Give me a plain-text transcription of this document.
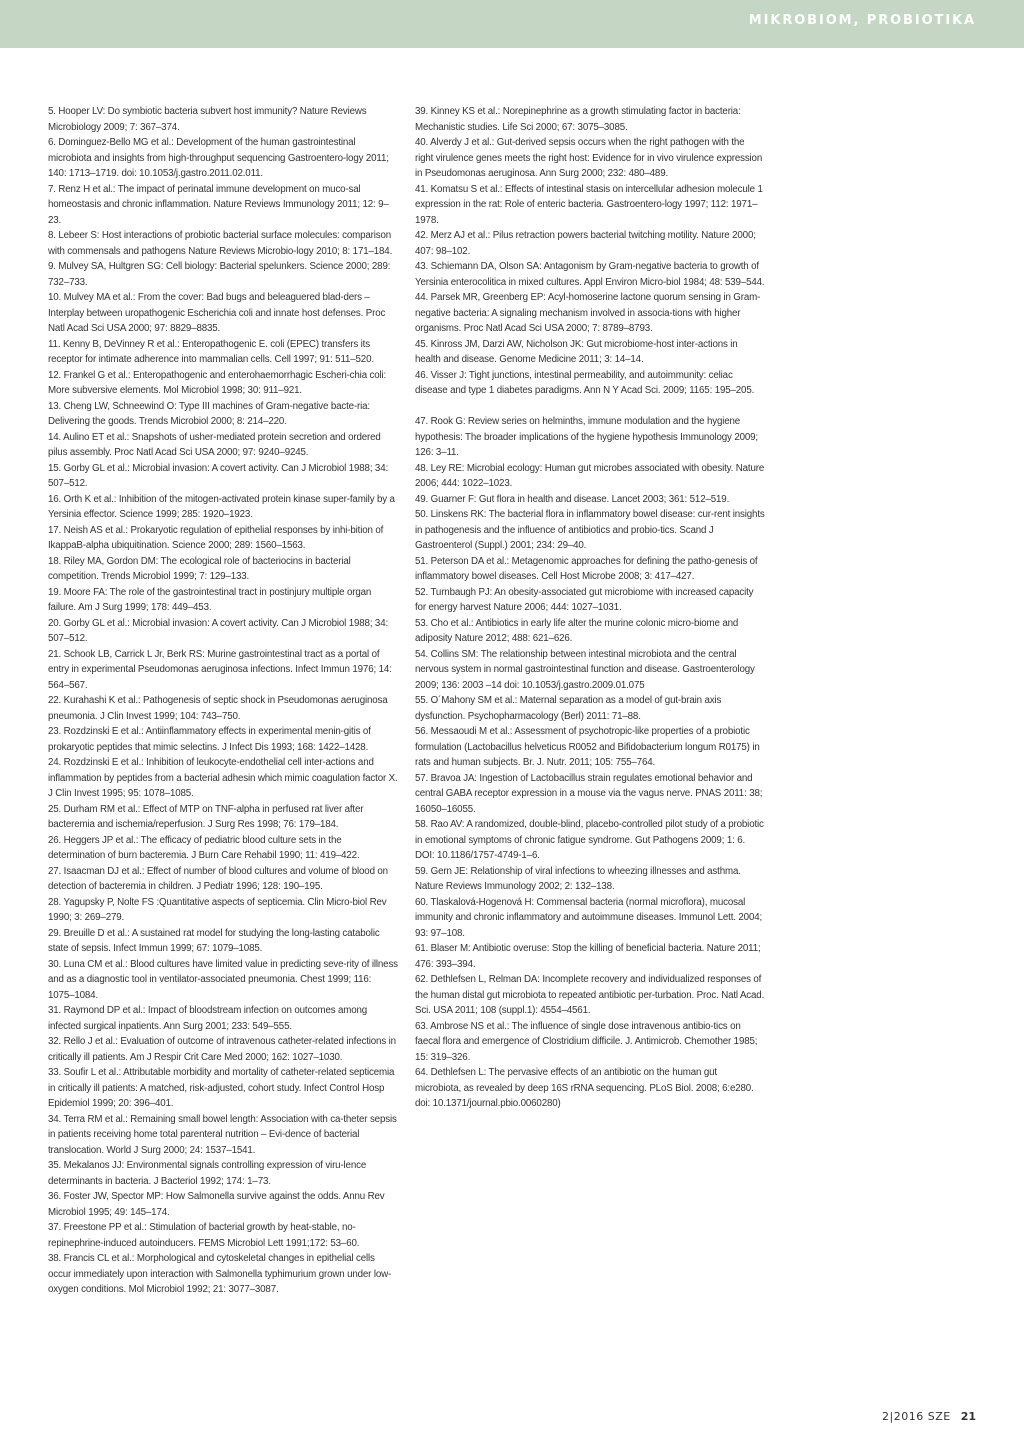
MIKROBIOM, PROBIOTIKA

5. Hooper LV: Do symbiotic bacteria subvert host immunity? Nature Reviews Microbiology 2009; 7: 367–374.

6. Dominguez-Bello MG et al.: Development of the human gastrointestinal microbiota and insights from high-throughput sequencing Gastroentero-logy 2011; 140: 1713–1719. doi: 10.1053/j.gastro.2011.02.011.

7. Renz H et al.: The impact of perinatal immune development on muco-sal homeostasis and chronic inflammation. Nature Reviews Immunology 2011; 12: 9–23.

8. Lebeer S: Host interactions of probiotic bacterial surface molecules: comparison with commensals and pathogens Nature Reviews Microbio-logy 2010; 8: 171–184.

9. Mulvey SA, Hultgren SG: Cell biology: Bacterial spelunkers. Science 2000; 289: 732–733.

10. Mulvey MA et al.: From the cover: Bad bugs and beleaguered blad-ders – Interplay between uropathogenic Escherichia coli and innate host defenses. Proc Natl Acad Sci USA 2000; 97: 8829–8835.

11. Kenny B, DeVinney R et al.: Enteropathogenic E. coli (EPEC) transfers its receptor for intimate adherence into mammalian cells. Cell 1997; 91: 511–520.

12. Frankel G et al.: Enteropathogenic and enterohaemorrhagic Escheri-chia coli: More subversive elements. Mol Microbiol 1998; 30: 911–921.

13. Cheng LW, Schneewind O: Type III machines of Gram-negative bacte-ria: Delivering the goods. Trends Microbiol 2000; 8: 214–220.

14. Aulino ET et al.: Snapshots of usher-mediated protein secretion and ordered pilus assembly. Proc Natl Acad Sci USA 2000; 97: 9240–9245.

15. Gorby GL et al.: Microbial invasion: A covert activity. Can J Microbiol 1988; 34: 507–512.

16. Orth K et al.: Inhibition of the mitogen-activated protein kinase super-family by a Yersinia effector. Science 1999; 285: 1920–1923.

17. Neish AS et al.: Prokaryotic regulation of epithelial responses by inhi-bition of IkappaB-alpha ubiquitination. Science 2000; 289: 1560–1563.

18. Riley MA, Gordon DM: The ecological role of bacteriocins in bacterial competition. Trends Microbiol 1999; 7: 129–133.

19. Moore FA: The role of the gastrointestinal tract in postinjury multiple organ failure. Am J Surg 1999; 178: 449–453.

20. Gorby GL et al.: Microbial invasion: A covert activity. Can J Microbiol 1988; 34: 507–512.

21. Schook LB, Carrick L Jr, Berk RS: Murine gastrointestinal tract as a portal of entry in experimental Pseudomonas aeruginosa infections. Infect Immun 1976; 14: 564–567.

22. Kurahashi K et al.: Pathogenesis of septic shock in Pseudomonas aeruginosa pneumonia. J Clin Invest 1999; 104: 743–750.

23. Rozdzinski E et al.: Antiinflammatory effects in experimental menin-gitis of prokaryotic peptides that mimic selectins. J Infect Dis 1993; 168: 1422–1428.

24. Rozdzinski E et al.: Inhibition of leukocyte-endothelial cell inter-actions and inflammation by peptides from a bacterial adhesin which mimic coagulation factor X. J Clin Invest 1995; 95: 1078–1085.

25. Durham RM et al.: Effect of MTP on TNF-alpha in perfused rat liver after bacteremia and ischemia/reperfusion. J Surg Res 1998; 76: 179–184.

26. Heggers JP et al.: The efficacy of pediatric blood culture sets in the determination of burn bacteremia. J Burn Care Rehabil 1990; 11: 419–422.

27. Isaacman DJ et al.: Effect of number of blood cultures and volume of blood on detection of bacteremia in children. J Pediatr 1996; 128: 190–195.

28. Yagupsky P, Nolte FS :Quantitative aspects of septicemia. Clin Micro-biol Rev 1990; 3: 269–279.

29. Breuille D et al.: A sustained rat model for studying the long-lasting catabolic state of sepsis. Infect Immun 1999; 67: 1079–1085.

30. Luna CM et al.: Blood cultures have limited value in predicting seve-rity of illness and as a diagnostic tool in ventilator-associated pneumonia. Chest 1999; 116: 1075–1084.

31. Raymond DP et al.: Impact of bloodstream infection on outcomes among infected surgical inpatients. Ann Surg 2001; 233: 549–555.

32. Rello J et al.: Evaluation of outcome of intravenous catheter-related infections in critically ill patients. Am J Respir Crit Care Med 2000; 162: 1027–1030.

33. Soufir L et al.: Attributable morbidity and mortality of catheter-related septicemia in critically ill patients: A matched, risk-adjusted, cohort study. Infect Control Hosp Epidemiol 1999; 20: 396–401.

34. Terra RM et al.: Remaining small bowel length: Association with ca-theter sepsis in patients receiving home total parenteral nutrition – Evi-dence of bacterial translocation. World J Surg 2000; 24: 1537–1541.

35. Mekalanos JJ: Environmental signals controlling expression of viru-lence determinants in bacteria. J Bacteriol 1992; 174: 1–73.

36. Foster JW, Spector MP: How Salmonella survive against the odds. Annu Rev Microbiol 1995; 49: 145–174.

37. Freestone PP et al.: Stimulation of bacterial growth by heat-stable, no-repinephrine-induced autoinducers. FEMS Microbiol Lett 1991;172: 53–60.

38. Francis CL et al.: Morphological and cytoskeletal changes in epithelial cells occur immediately upon interaction with Salmonella typhimurium grown under low-oxygen conditions. Mol Microbiol 1992; 21: 3077–3087.

39. Kinney KS et al.: Norepinephrine as a growth stimulating factor in bacteria: Mechanistic studies. Life Sci 2000; 67: 3075–3085.

40. Alverdy J et al.: Gut-derived sepsis occurs when the right pathogen with the right virulence genes meets the right host: Evidence for in vivo virulence expression in Pseudomonas aeruginosa. Ann Surg 2000; 232: 480–489.

41. Komatsu S et al.: Effects of intestinal stasis on intercellular adhesion molecule 1 expression in the rat: Role of enteric bacteria. Gastroentero-logy 1997; 112: 1971–1978.

42. Merz AJ et al.: Pilus retraction powers bacterial twitching motility. Nature 2000; 407: 98–102.

43. Schiemann DA, Olson SA: Antagonism by Gram-negative bacteria to growth of Yersinia enterocolitica in mixed cultures. Appl Environ Micro-biol 1984; 48: 539–544.

44. Parsek MR, Greenberg EP: Acyl-homoserine lactone quorum sensing in Gram-negative bacteria: A signaling mechanism involved in associa-tions with higher organisms. Proc Natl Acad Sci USA 2000; 7: 8789–8793.

45. Kinross JM, Darzi AW, Nicholson JK: Gut microbiome-host inter-actions in health and disease. Genome Medicine 2011; 3: 14–14.

46. Visser J: Tight junctions, intestinal permeability, and autoimmunity: celiac disease and type 1 diabetes paradigms. Ann N Y Acad Sci. 2009; 1165: 195–205.

47. Rook G: Review series on helminths, immune modulation and the hygiene hypothesis: The broader implications of the hygiene hypothesis Immunology 2009; 126: 3–11.

48. Ley RE: Microbial ecology: Human gut microbes associated with obesity. Nature 2006; 444: 1022–1023.

49. Guarner F: Gut flora in health and disease. Lancet 2003; 361: 512–519.

50. Linskens RK: The bacterial flora in inflammatory bowel disease: cur-rent insights in pathogenesis and the influence of antibiotics and probio-tics. Scand J Gastroenterol (Suppl.) 2001; 234: 29–40.

51. Peterson DA et al.: Metagenomic approaches for defining the patho-genesis of inflammatory bowel diseases. Cell Host Microbe 2008; 3: 417–427.

52. Turnbaugh PJ: An obesity-associated gut microbiome with increased capacity for energy harvest Nature 2006; 444: 1027–1031.

53. Cho et al.: Antibiotics in early life alter the murine colonic micro-biome and adiposity Nature 2012; 488: 621–626.

54. Collins SM: The relationship between intestinal microbiota and the central nervous system in normal gastrointestinal function and disease. Gastroenterology 2009; 136: 2003 –14 doi: 10.1053/j.gastro.2009.01.075

55. O´Mahony SM et al.: Maternal separation as a model of gut-brain axis dysfunction. Psychopharmacology (Berl) 2011: 71–88.

56. Messaoudi M et al.: Assessment of psychotropic-like properties of a probiotic formulation (Lactobacillus helveticus R0052 and Bifidobacterium longum R0175) in rats and human subjects. Br. J. Nutr. 2011; 105: 755–764.

57. Bravoa JA: Ingestion of Lactobacillus strain regulates emotional behavior and central GABA receptor expression in a mouse via the vagus nerve. PNAS 2011: 38; 16050–16055.

58. Rao AV: A randomized, double-blind, placebo-controlled pilot study of a probiotic in emotional symptoms of chronic fatigue syndrome. Gut Pathogens 2009; 1: 6. DOI: 10.1186/1757-4749-1–6.

59. Gern JE: Relationship of viral infections to wheezing illnesses and asthma. Nature Reviews Immunology 2002; 2: 132–138.

60. Tlaskalová-Hogenová H: Commensal bacteria (normal microflora), mucosal immunity and chronic inflammatory and autoimmune diseases. Immunol Lett. 2004; 93: 97–108.

61. Blaser M: Antibiotic overuse: Stop the killing of beneficial bacteria. Nature 2011; 476: 393–394.

62. Dethlefsen L, Relman DA: Incomplete recovery and individualized responses of the human distal gut microbiota to repeated antibiotic per-turbation. Proc. Natl Acad. Sci. USA 2011; 108 (suppl.1): 4554–4561.

63. Ambrose NS et al.: The influence of single dose intravenous antibio-tics on faecal flora and emergence of Clostridium difficile. J. Antimicrob. Chemother 1985; 15: 319–326.

64. Dethlefsen L: The pervasive effects of an antibiotic on the human gut microbiota, as revealed by deep 16S rRNA sequencing. PLoS Biol. 2008; 6:e280. doi: 10.1371/journal.pbio.0060280)

2|2016 SZE 21
